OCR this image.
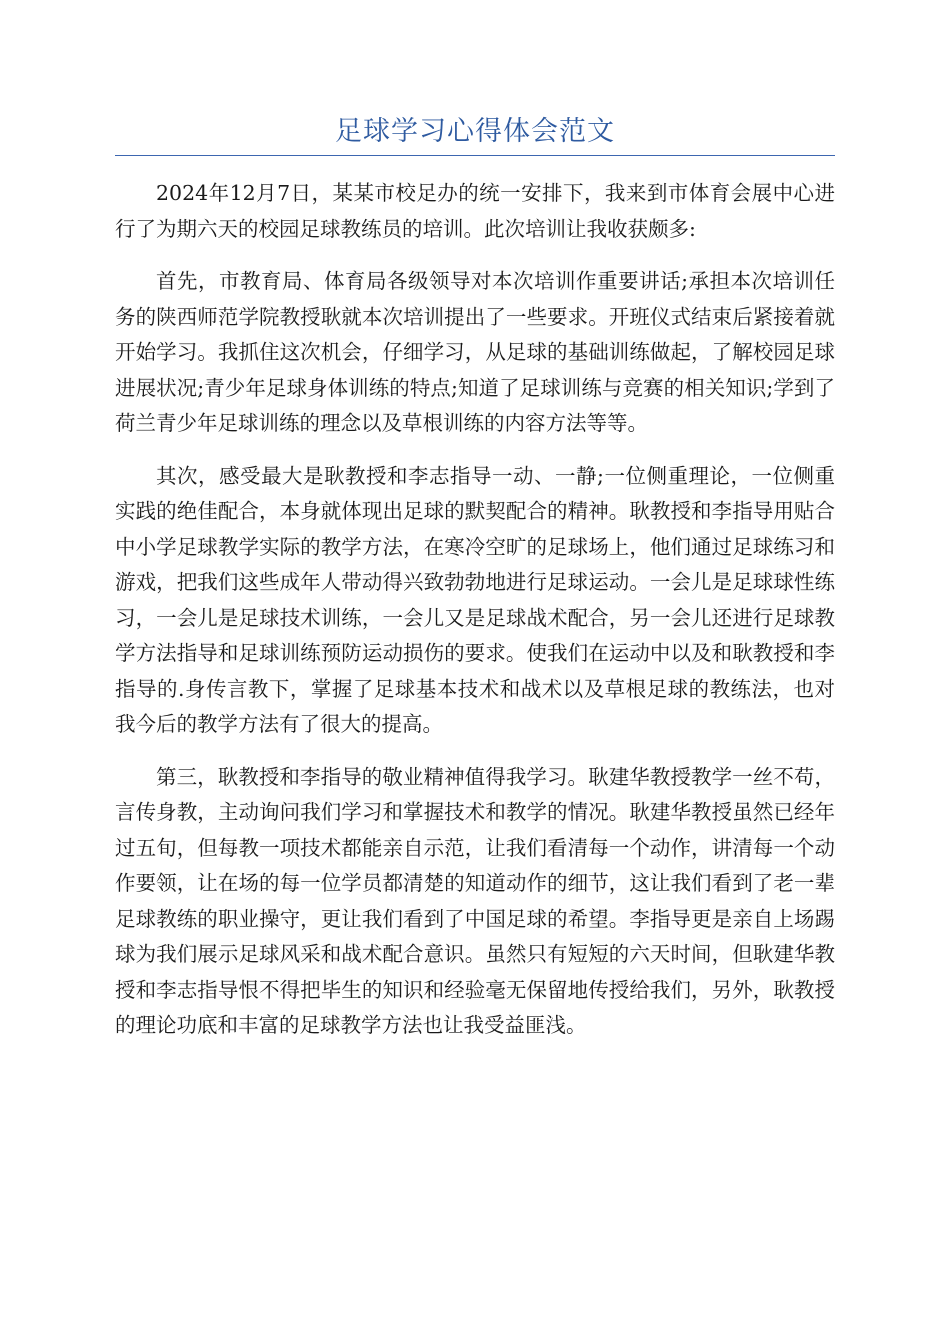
足球学习心得体会范文

2024年12月7日，某某市校足办的统一安排下，我来到市体育会展中心进行了为期六天的校园足球教练员的培训。此次培训让我收获颇多:

首先，市教育局、体育局各级领导对本次培训作重要讲话;承担本次培训任务的陕西师范学院教授耿就本次培训提出了一些要求。开班仪式结束后紧接着就开始学习。我抓住这次机会，仔细学习，从足球的基础训练做起，了解校园足球进展状况;青少年足球身体训练的特点;知道了足球训练与竞赛的相关知识;学到了荷兰青少年足球训练的理念以及草根训练的内容方法等等。

其次，感受最大是耿教授和李志指导一动、一静;一位侧重理论，一位侧重实践的绝佳配合，本身就体现出足球的默契配合的精神。耿教授和李指导用贴合中小学足球教学实际的教学方法，在寒冷空旷的足球场上，他们通过足球练习和游戏，把我们这些成年人带动得兴致勃勃地进行足球运动。一会儿是足球球性练习，一会儿是足球技术训练，一会儿又是足球战术配合，另一会儿还进行足球教学方法指导和足球训练预防运动损伤的要求。使我们在运动中以及和耿教授和李指导的.身传言教下，掌握了足球基本技术和战术以及草根足球的教练法，也对我今后的教学方法有了很大的提高。

第三，耿教授和李指导的敬业精神值得我学习。耿建华教授教学一丝不苟，言传身教，主动询问我们学习和掌握技术和教学的情况。耿建华教授虽然已经年过五旬，但每教一项技术都能亲自示范，让我们看清每一个动作，讲清每一个动作要领，让在场的每一位学员都清楚的知道动作的细节，这让我们看到了老一辈足球教练的职业操守，更让我们看到了中国足球的希望。李指导更是亲自上场踢球为我们展示足球风采和战术配合意识。虽然只有短短的六天时间，但耿建华教授和李志指导恨不得把毕生的知识和经验毫无保留地传授给我们，另外，耿教授的理论功底和丰富的足球教学方法也让我受益匪浅。
